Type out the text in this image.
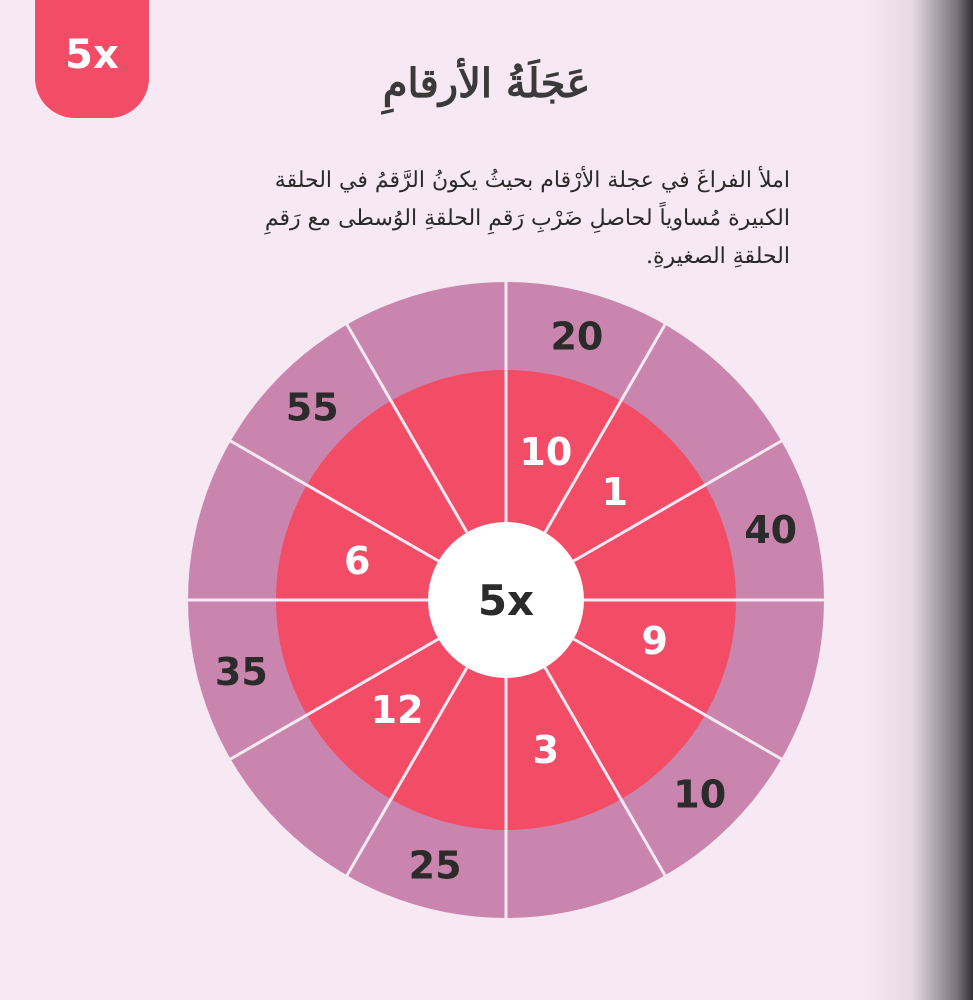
5x
عَجَلَةُ الأرقامِ
املأ الفراغَ في عجلة الأرْقام بحيثُ يكونُ الرَّقمُ في الحلقة الكبيرة مُساوياً لحاصلِ ضَرْبِ رَقمِ الحلقةِ الوُسطى مع رَقمِ الحلقةِ الصغيرةِ.
5x
10
20
1
40
9
10
3
25
12
35
6
55
